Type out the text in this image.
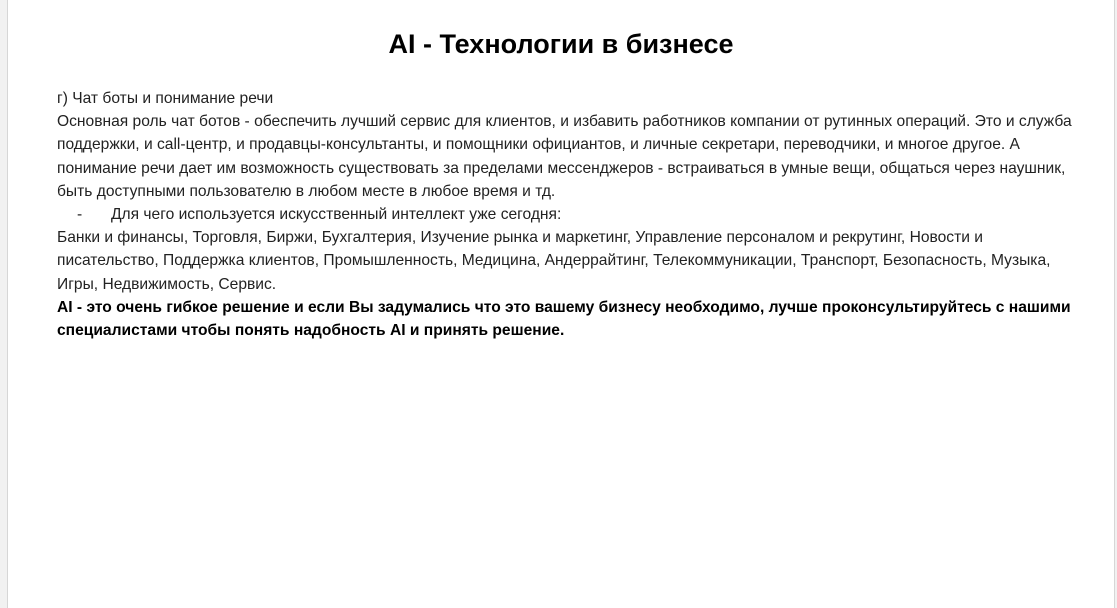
AI - Технологии в бизнесе

г) Чат боты и понимание речи

Основная роль чат ботов - обеспечить лучший сервис для клиентов, и избавить работников компании от рутинных операций. Это и служба поддержки, и call-центр, и продавцы-консультанты, и помощники официантов, и личные секретари, переводчики, и многое другое. А понимание речи дает им возможность существовать за пределами мессенджеров - встраиваться в умные вещи, общаться через наушник, быть доступными пользователю в любом месте в любое время и тд.

- Для чего используется искусственный интеллект уже сегодня:

Банки и финансы, Торговля, Биржи, Бухгалтерия, Изучение рынка и маркетинг, Управление персоналом и рекрутинг, Новости и писательство, Поддержка клиентов, Промышленность, Медицина, Андеррайтинг, Телекоммуникации, Транспорт, Безопасность, Музыка, Игры, Недвижимость, Сервис.

AI - это очень гибкое решение и если Вы задумались что это вашему бизнесу необходимо, лучше проконсультируйтесь с нашими специалистами чтобы понять надобность AI и принять решение.
